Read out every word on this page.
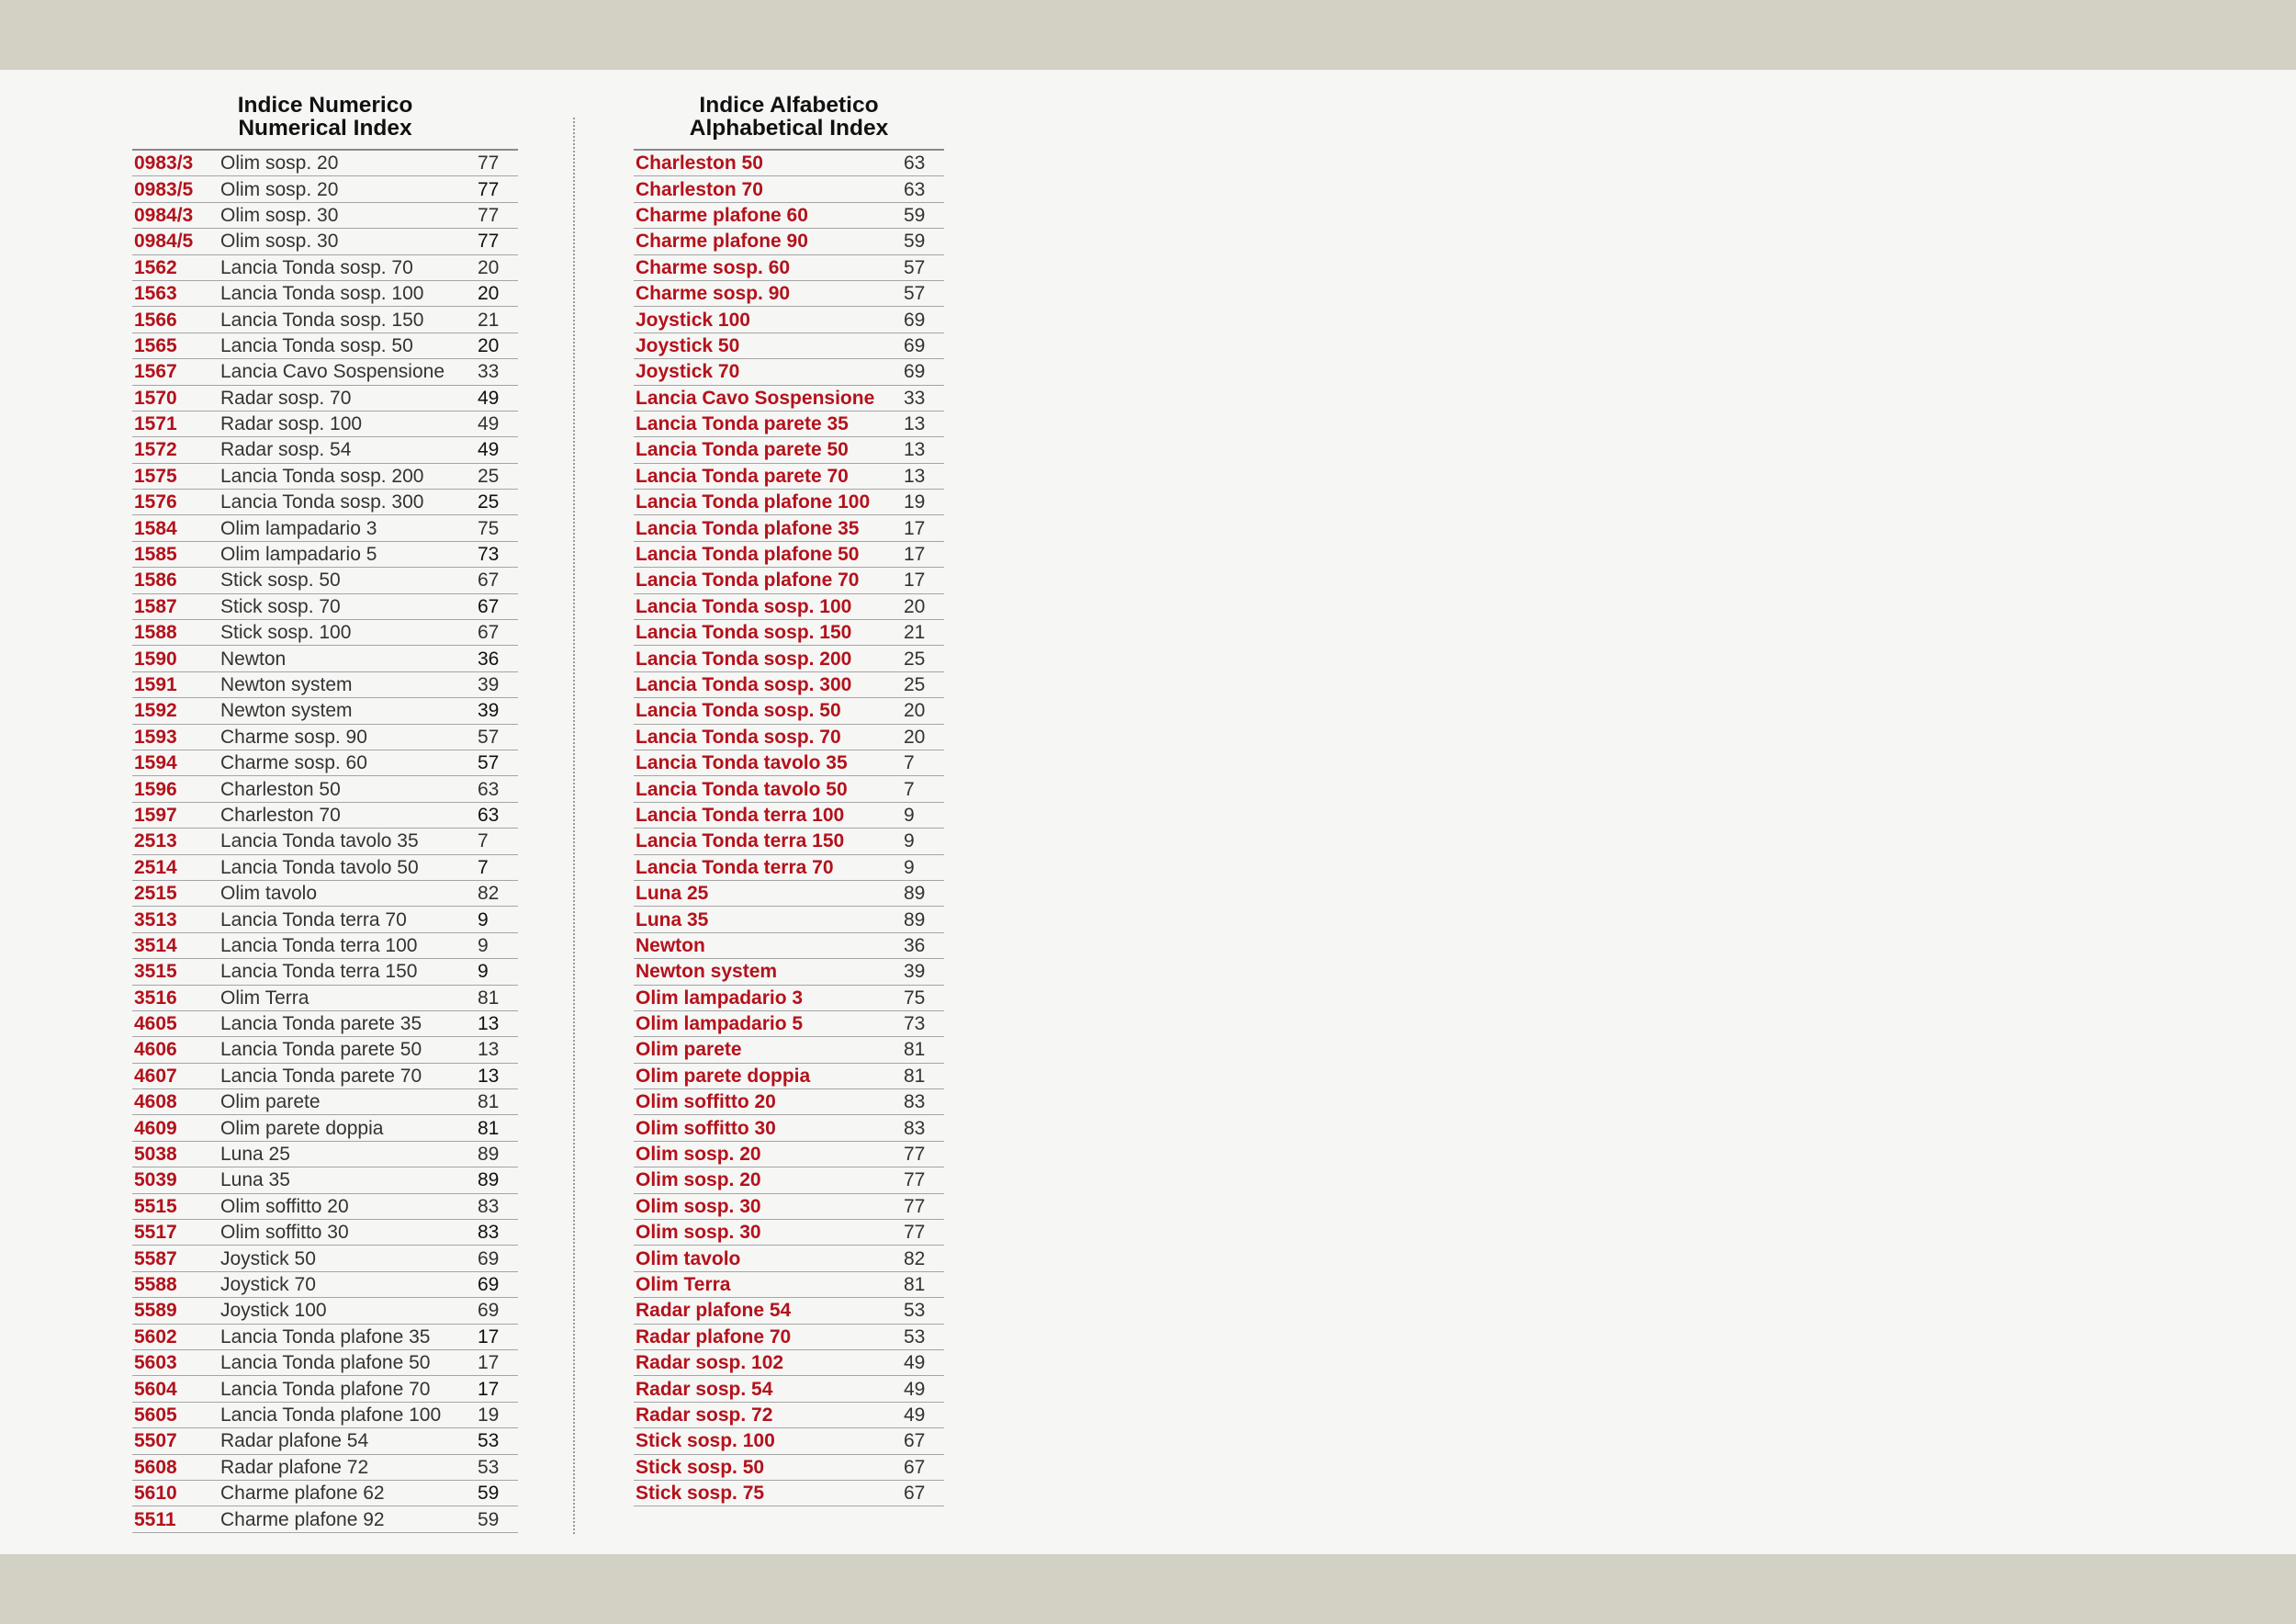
Indice Numerico
Numerical Index
Indice Alfabetico
Alphabetical Index
0983/3	Olim sosp. 20	77
0983/5	Olim sosp. 20	77
0984/3	Olim sosp. 30	77
0984/5	Olim sosp. 30	77
1562	Lancia Tonda sosp. 70	20
1563	Lancia Tonda sosp. 100	20
1566	Lancia Tonda sosp. 150	21
1565	Lancia Tonda sosp. 50	20
1567	Lancia Cavo Sospensione	33
1570	Radar sosp. 70	49
1571	Radar sosp. 100	49
1572	Radar sosp. 54	49
1575	Lancia Tonda sosp. 200	25
1576	Lancia Tonda sosp. 300	25
1584	Olim lampadario 3	75
1585	Olim lampadario 5	73
1586	Stick sosp. 50	67
1587	Stick sosp. 70	67
1588	Stick sosp. 100	67
1590	Newton	36
1591	Newton system	39
1592	Newton system	39
1593	Charme sosp. 90	57
1594	Charme sosp. 60	57
1596	Charleston 50	63
1597	Charleston 70	63
2513	Lancia Tonda tavolo 35	7
2514	Lancia Tonda tavolo 50	7
2515	Olim tavolo	82
3513	Lancia Tonda terra 70	9
3514	Lancia Tonda terra 100	9
3515	Lancia Tonda terra 150	9
3516	Olim Terra	81
4605	Lancia Tonda parete 35	13
4606	Lancia Tonda parete 50	13
4607	Lancia Tonda parete 70	13
4608	Olim parete	81
4609	Olim parete doppia	81
5038	Luna 25	89
5039	Luna 35	89
5515	Olim soffitto 20	83
5517	Olim soffitto 30	83
5587	Joystick 50	69
5588	Joystick 70	69
5589	Joystick 100	69
5602	Lancia Tonda plafone 35	17
5603	Lancia Tonda plafone 50	17
5604	Lancia Tonda plafone 70	17
5605	Lancia Tonda plafone 100	19
5507	Radar plafone 54	53
5608	Radar plafone 72	53
5610	Charme plafone 62	59
5511	Charme plafone 92	59
Charleston 50	63
Charleston 70	63
Charme plafone 60	59
Charme plafone 90	59
Charme sosp. 60	57
Charme sosp. 90	57
Joystick 100	69
Joystick 50	69
Joystick 70	69
Lancia Cavo Sospensione	33
Lancia Tonda parete 35	13
Lancia Tonda parete 50	13
Lancia Tonda parete 70	13
Lancia Tonda plafone 100	19
Lancia Tonda plafone 35	17
Lancia Tonda plafone 50	17
Lancia Tonda plafone 70	17
Lancia Tonda sosp. 100	20
Lancia Tonda sosp. 150	21
Lancia Tonda sosp. 200	25
Lancia Tonda sosp. 300	25
Lancia Tonda sosp. 50	20
Lancia Tonda sosp. 70	20
Lancia Tonda tavolo 35	7
Lancia Tonda tavolo 50	7
Lancia Tonda terra 100	9
Lancia Tonda terra 150	9
Lancia Tonda terra 70	9
Luna 25	89
Luna 35	89
Newton	36
Newton system	39
Olim lampadario 3	75
Olim lampadario 5	73
Olim parete	81
Olim parete doppia	81
Olim soffitto 20	83
Olim soffitto 30	83
Olim sosp. 20	77
Olim sosp. 20	77
Olim sosp. 30	77
Olim sosp. 30	77
Olim tavolo	82
Olim Terra	81
Radar plafone 54	53
Radar plafone 70	53
Radar sosp. 102	49
Radar sosp. 54	49
Radar sosp. 72	49
Stick sosp. 100	67
Stick sosp. 50	67
Stick sosp. 75	67
